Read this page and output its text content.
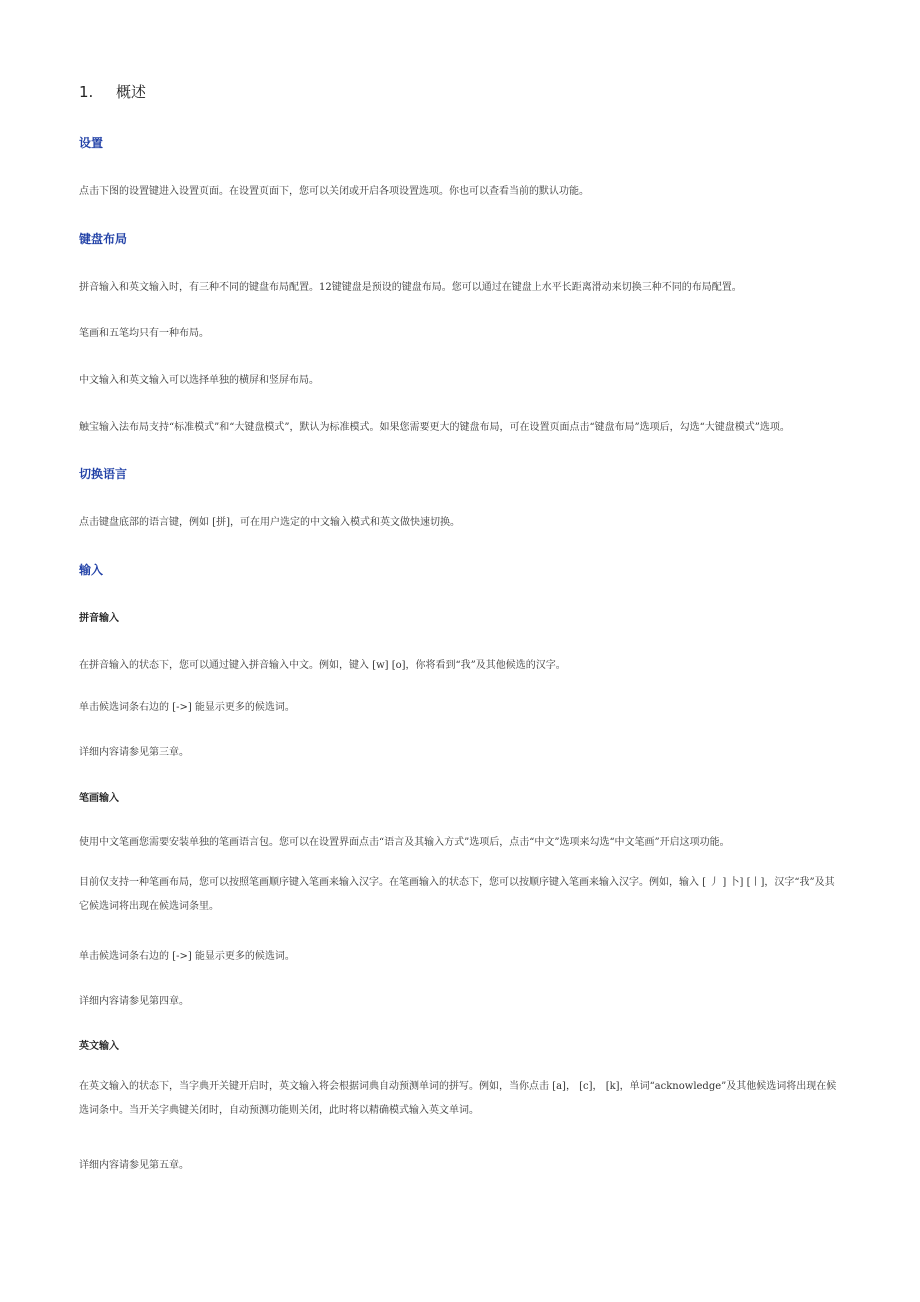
1. 概述
设置

点击下图的设置键进入设置页面。在设置页面下，您可以关闭或开启各项设置选项。你也可以查看当前的默认功能。

键盘布局

拼音输入和英文输入时，有三种不同的键盘布局配置。12键键盘是预设的键盘布局。您可以通过在键盘上水平长距离滑动来切换三种不同的布局配置。

笔画和五笔均只有一种布局。

中文输入和英文输入可以选择单独的横屏和竖屏布局。

触宝输入法布局支持“标准模式”和“大键盘模式”，默认为标准模式。如果您需要更大的键盘布局，可在设置页面点击“键盘布局”选项后，勾选“大键盘模式”选项。

切换语言

点击键盘底部的语言键，例如 [拼]，可在用户选定的中文输入模式和英文做快速切换。

输入
拼音输入

在拼音输入的状态下，您可以通过键入拼音输入中文。例如，键入 [w] [o]，你将看到“我”及其他候选的汉字。

单击候选词条右边的 [->] 能显示更多的候选词。

详细内容请参见第三章。

笔画输入

使用中文笔画您需要安装单独的笔画语言包。您可以在设置界面点击“语言及其输入方式”选项后，点击“中文”选项来勾选“中文笔画”开启这项功能。

目前仅支持一种笔画布局，您可以按照笔画顺序键入笔画来输入汉字。在笔画输入的状态下，您可以按顺序键入笔画来输入汉字。例如，输入 [ 丿 ] 卜] [丨]，汉字“我”及其它候选词将出现在候选词条里。

单击候选词条右边的 [->] 能显示更多的候选词。

详细内容请参见第四章。

英文输入

在英文输入的状态下，当字典开关键开启时，英文输入将会根据词典自动预测单词的拼写。例如，当你点击 [a]， [c]， [k]，单词“acknowledge”及其他候选词将出现在候选词条中。当开关字典键关闭时，自动预测功能则关闭，此时将以精确模式输入英文单词。

详细内容请参见第五章。
